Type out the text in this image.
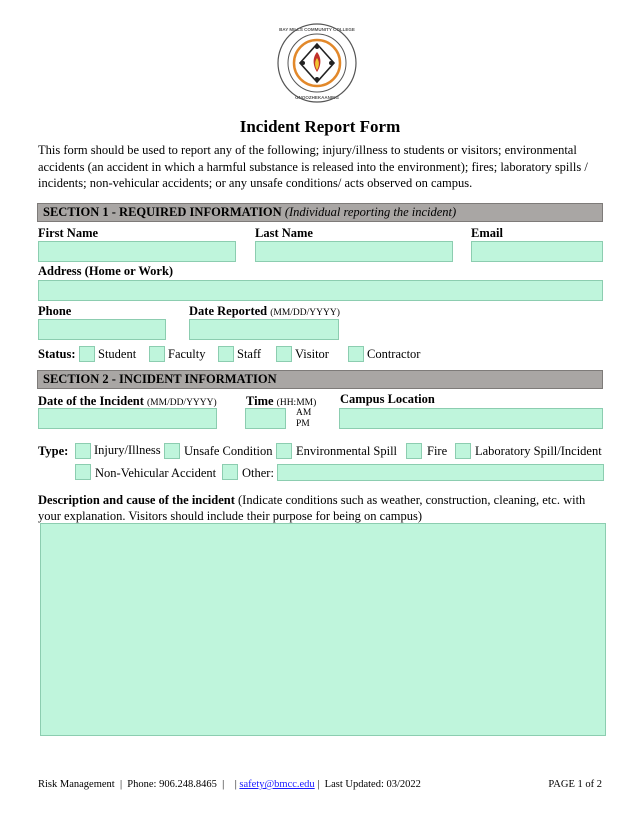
BAY MILLS COMMUNITY COLLEGE
GNOOZHEKAANING
Incident Report Form
This form should be used to report any of the following; injury/illness to students or visitors; environmental accidents (an accident in which a harmful substance is released into the environment); fires; laboratory spills / incidents; non-vehicular accidents; or any unsafe conditions/ acts observed on campus.
SECTION 1 - REQUIRED INFORMATION (Individual reporting the incident)
First Name	Last Name	Email
Address (Home or Work)
Phone	Date Reported (MM/DD/YYYY)
Status: Student	Faculty	Staff	Visitor	Contractor
SECTION 2 - INCIDENT INFORMATION
Date of the Incident (MM/DD/YYYY) Time (HH:MM) Campus Location
AM
PM
Type: Injury/Illness Unsafe Condition Environmental Spill Fire Laboratory Spill/Incident
Non-Vehicular Accident Other:
Description and cause of the incident (Indicate conditions such as weather, construction, cleaning, etc. with your explanation. Visitors should include their purpose for being on campus)
Risk Management  |  Phone: 906.248.8465  |    | safety@bmcc.edu |  Last Updated: 03/2022	PAGE 1 of 2
